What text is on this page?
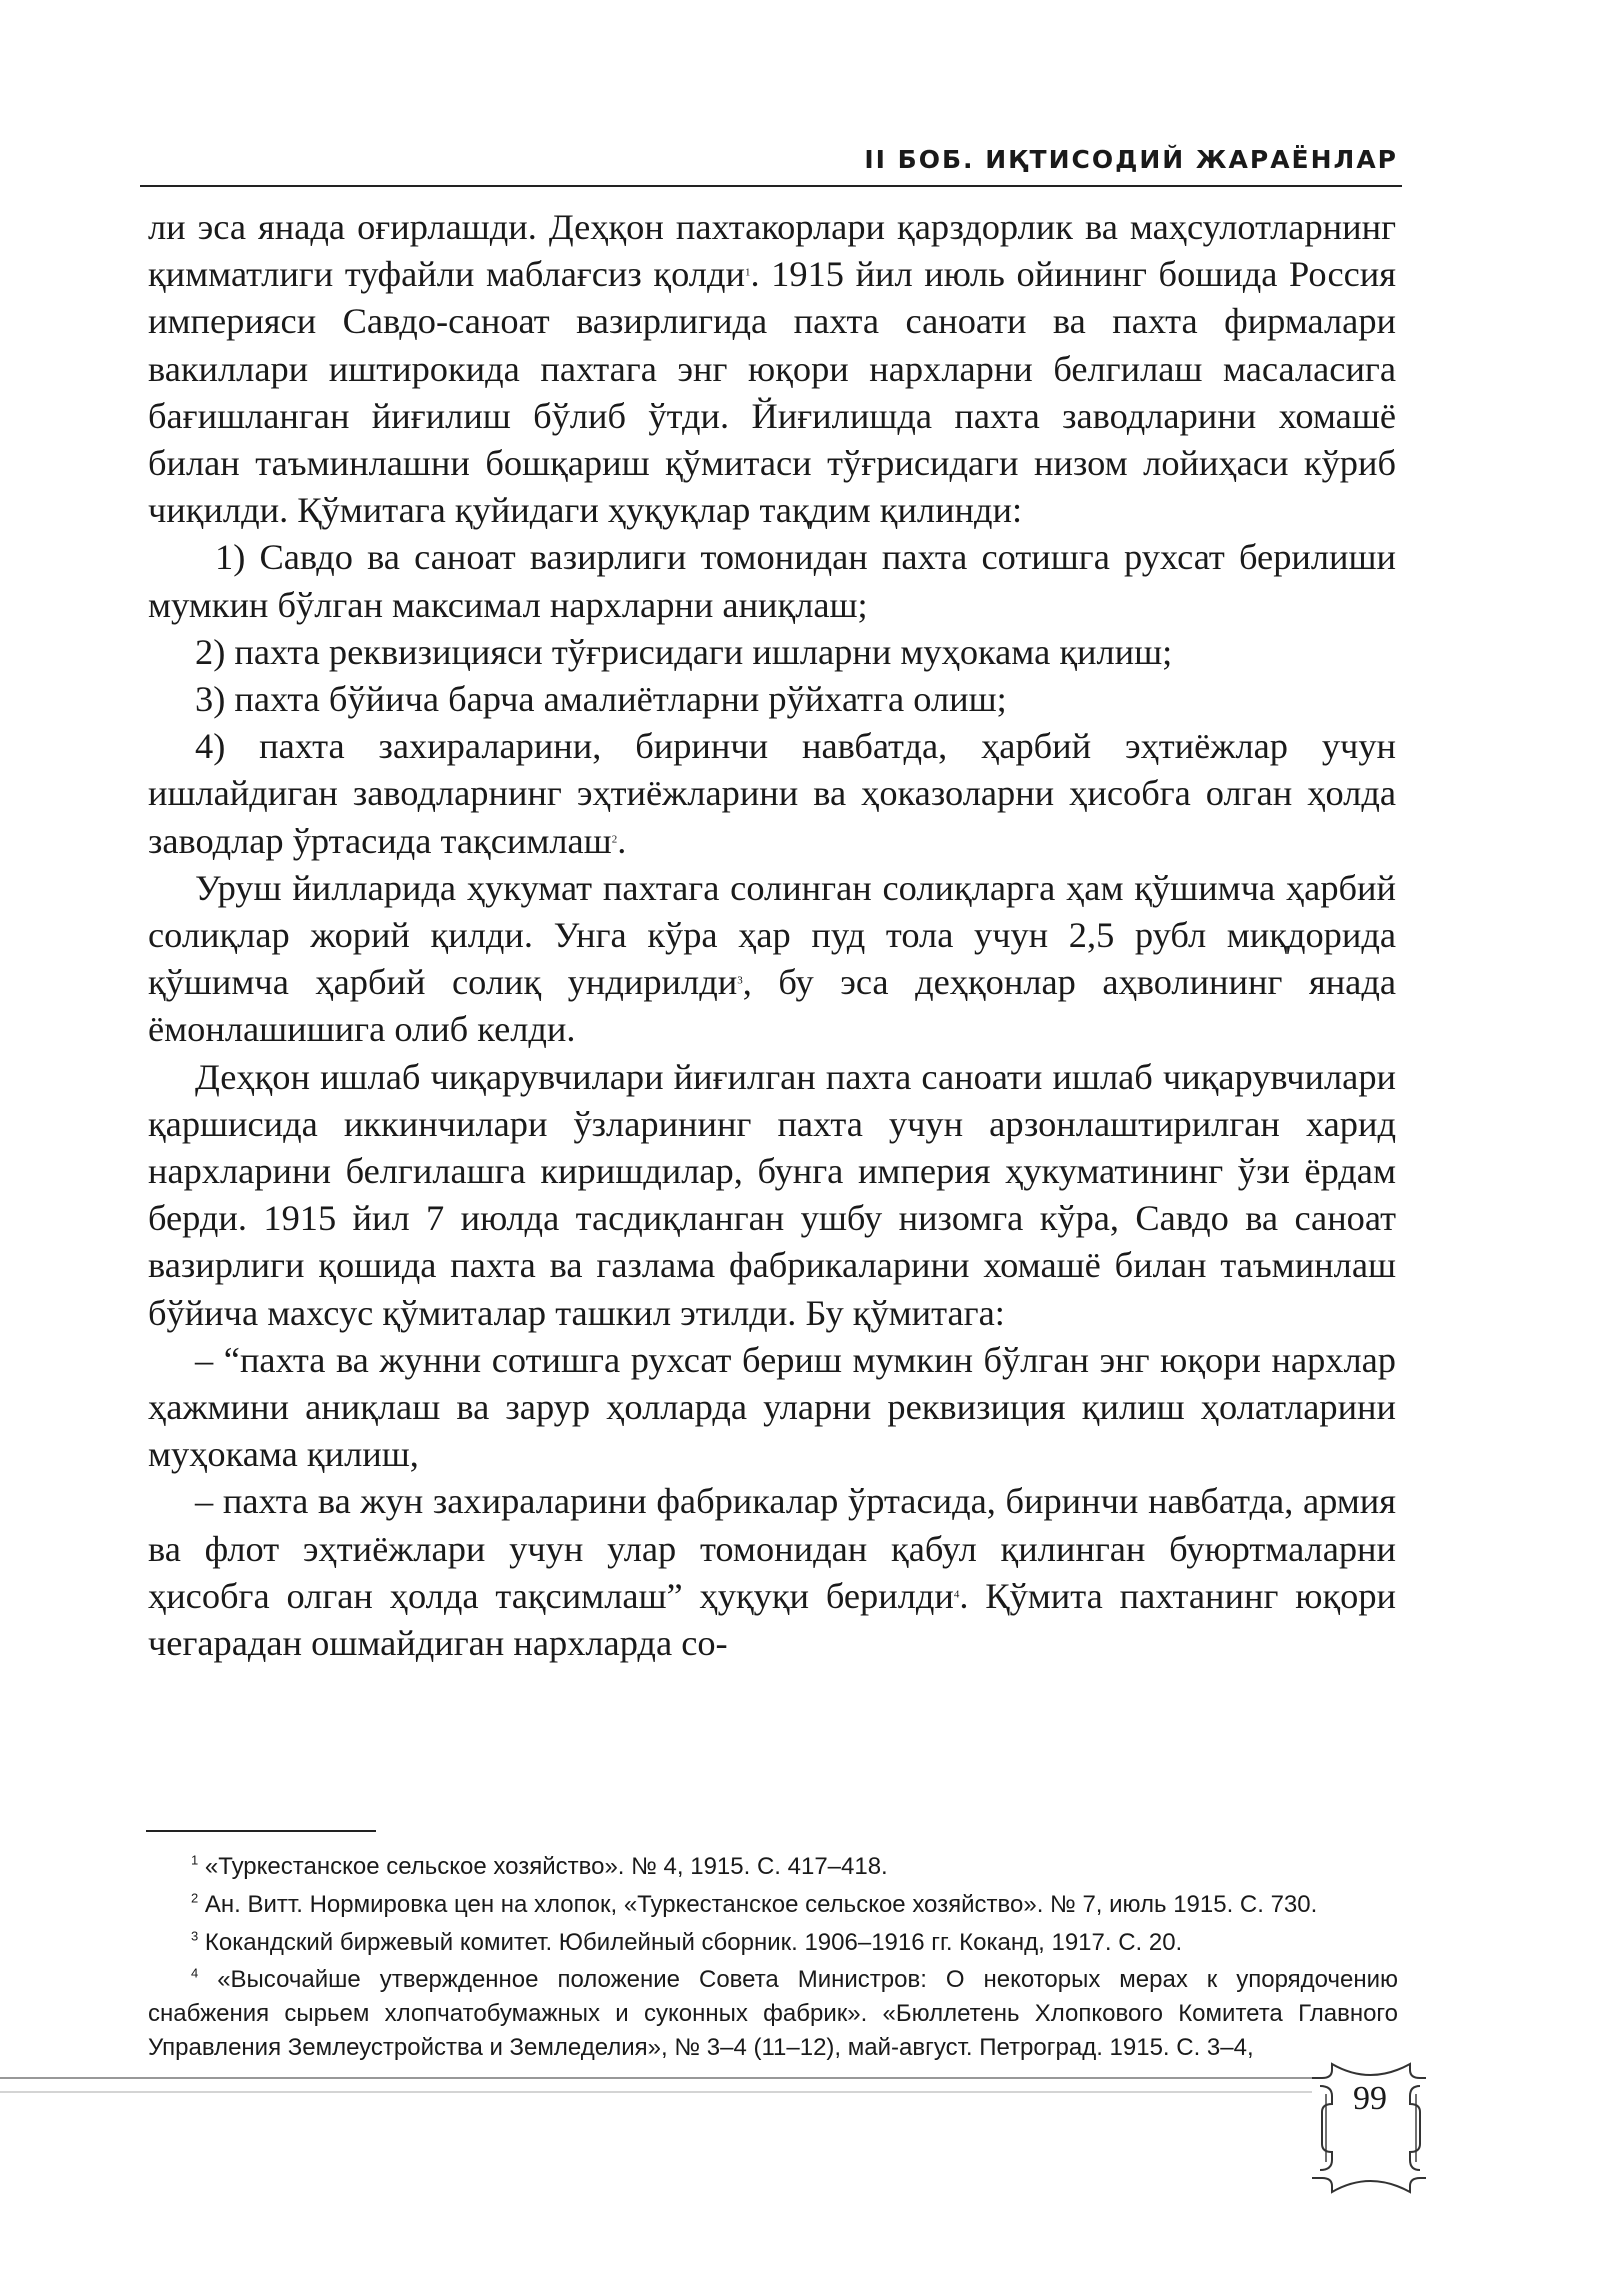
II БОБ. ИҚТИСОДИЙ ЖАРАЁНЛАР

ли эса янада оғирлашди. Деҳқон пахтакорлари қарздорлик ва маҳсулотларнинг қимматлиги туфайли маблағсиз қолди$^1$. 1915 йил июль ойининг бошида Россия империяси Савдо-саноат вазирлигида пахта саноати ва пахта фирмалари вакиллари иштирокида пахтага энг юқори нархларни белгилаш масаласига бағишланган йиғилиш бўлиб ўтди. Йиғилишда пахта заводларини хомашё билан таъминлашни бошқариш қўмитаси тўғрисидаги низом лойиҳаси кўриб чиқилди. Қўмитага қуйидаги ҳуқуқлар тақдим қилинди:

1) Савдо ва саноат вазирлиги томонидан пахта сотишга рухсат берилиши мумкин бўлган максимал нархларни аниқлаш;

2) пахта реквизицияси тўғрисидаги ишларни муҳокама қилиш;

3) пахта бўйича барча амалиётларни рўйхатга олиш;

4) пахта захираларини, биринчи навбатда, ҳарбий эҳтиёжлар учун ишлайдиган заводларнинг эҳтиёжларини ва ҳоказоларни ҳисобга олган ҳолда заводлар ўртасида тақсимлаш$^2$.

Уруш йилларида ҳукумат пахтага солинган солиқларга ҳам қўшимча ҳарбий солиқлар жорий қилди. Унга кўра ҳар пуд тола учун 2,5 рубл миқдорида қўшимча ҳарбий солиқ ундирилди$^3$, бу эса деҳқонлар аҳволининг янада ёмонлашишига олиб келди.

Деҳқон ишлаб чиқарувчилари йиғилган пахта саноати ишлаб чиқарувчилари қаршисида иккинчилари ўзларининг пахта учун арзонлаштирилган харид нархларини белгилашга киришдилар, бунга империя ҳукуматининг ўзи ёрдам берди. 1915 йил 7 июлда тасдиқланган ушбу низомга кўра, Савдо ва саноат вазирлиги қошида пахта ва газлама фабрикаларини хомашё билан таъминлаш бўйича махсус қўмиталар ташкил этилди. Бу қўмитага:

– “пахта ва жунни сотишга рухсат бериш мумкин бўлган энг юқори нархлар ҳажмини аниқлаш ва зарур ҳолларда уларни реквизиция қилиш ҳолатларини муҳокама қилиш,

– пахта ва жун захираларини фабрикалар ўртасида, биринчи навбатда, армия ва флот эҳтиёжлари учун улар томонидан қабул қилинган буюртмаларни ҳисобга олган ҳолда тақсимлаш” ҳуқуқи берилди$^4$. Қўмита пахтанинг юқори чегарадан ошмайдиган нархларда со-

$^1$ «Туркестанское сельское хозяйство». № 4, 1915. С. 417–418.

$^2$ Ан. Витт. Нормировка цен на хлопок, «Туркестанское сельское хозяйство». № 7, июль 1915. С. 730.

$^3$ Кокандский биржевый комитет. Юбилейный сборник. 1906–1916 гг. Коканд, 1917. С. 20.

$^4$ «Высочайше утвержденное положение Совета Министров: О некоторых мерах к упорядочению снабжения сырьем хлопчатобумажных и суконных фабрик». «Бюллетень Хлопкового Комитета Главного Управления Землеустройства и Земледелия», № 3–4 (11–12), май-август. Петроград. 1915. С. 3–4,

99
